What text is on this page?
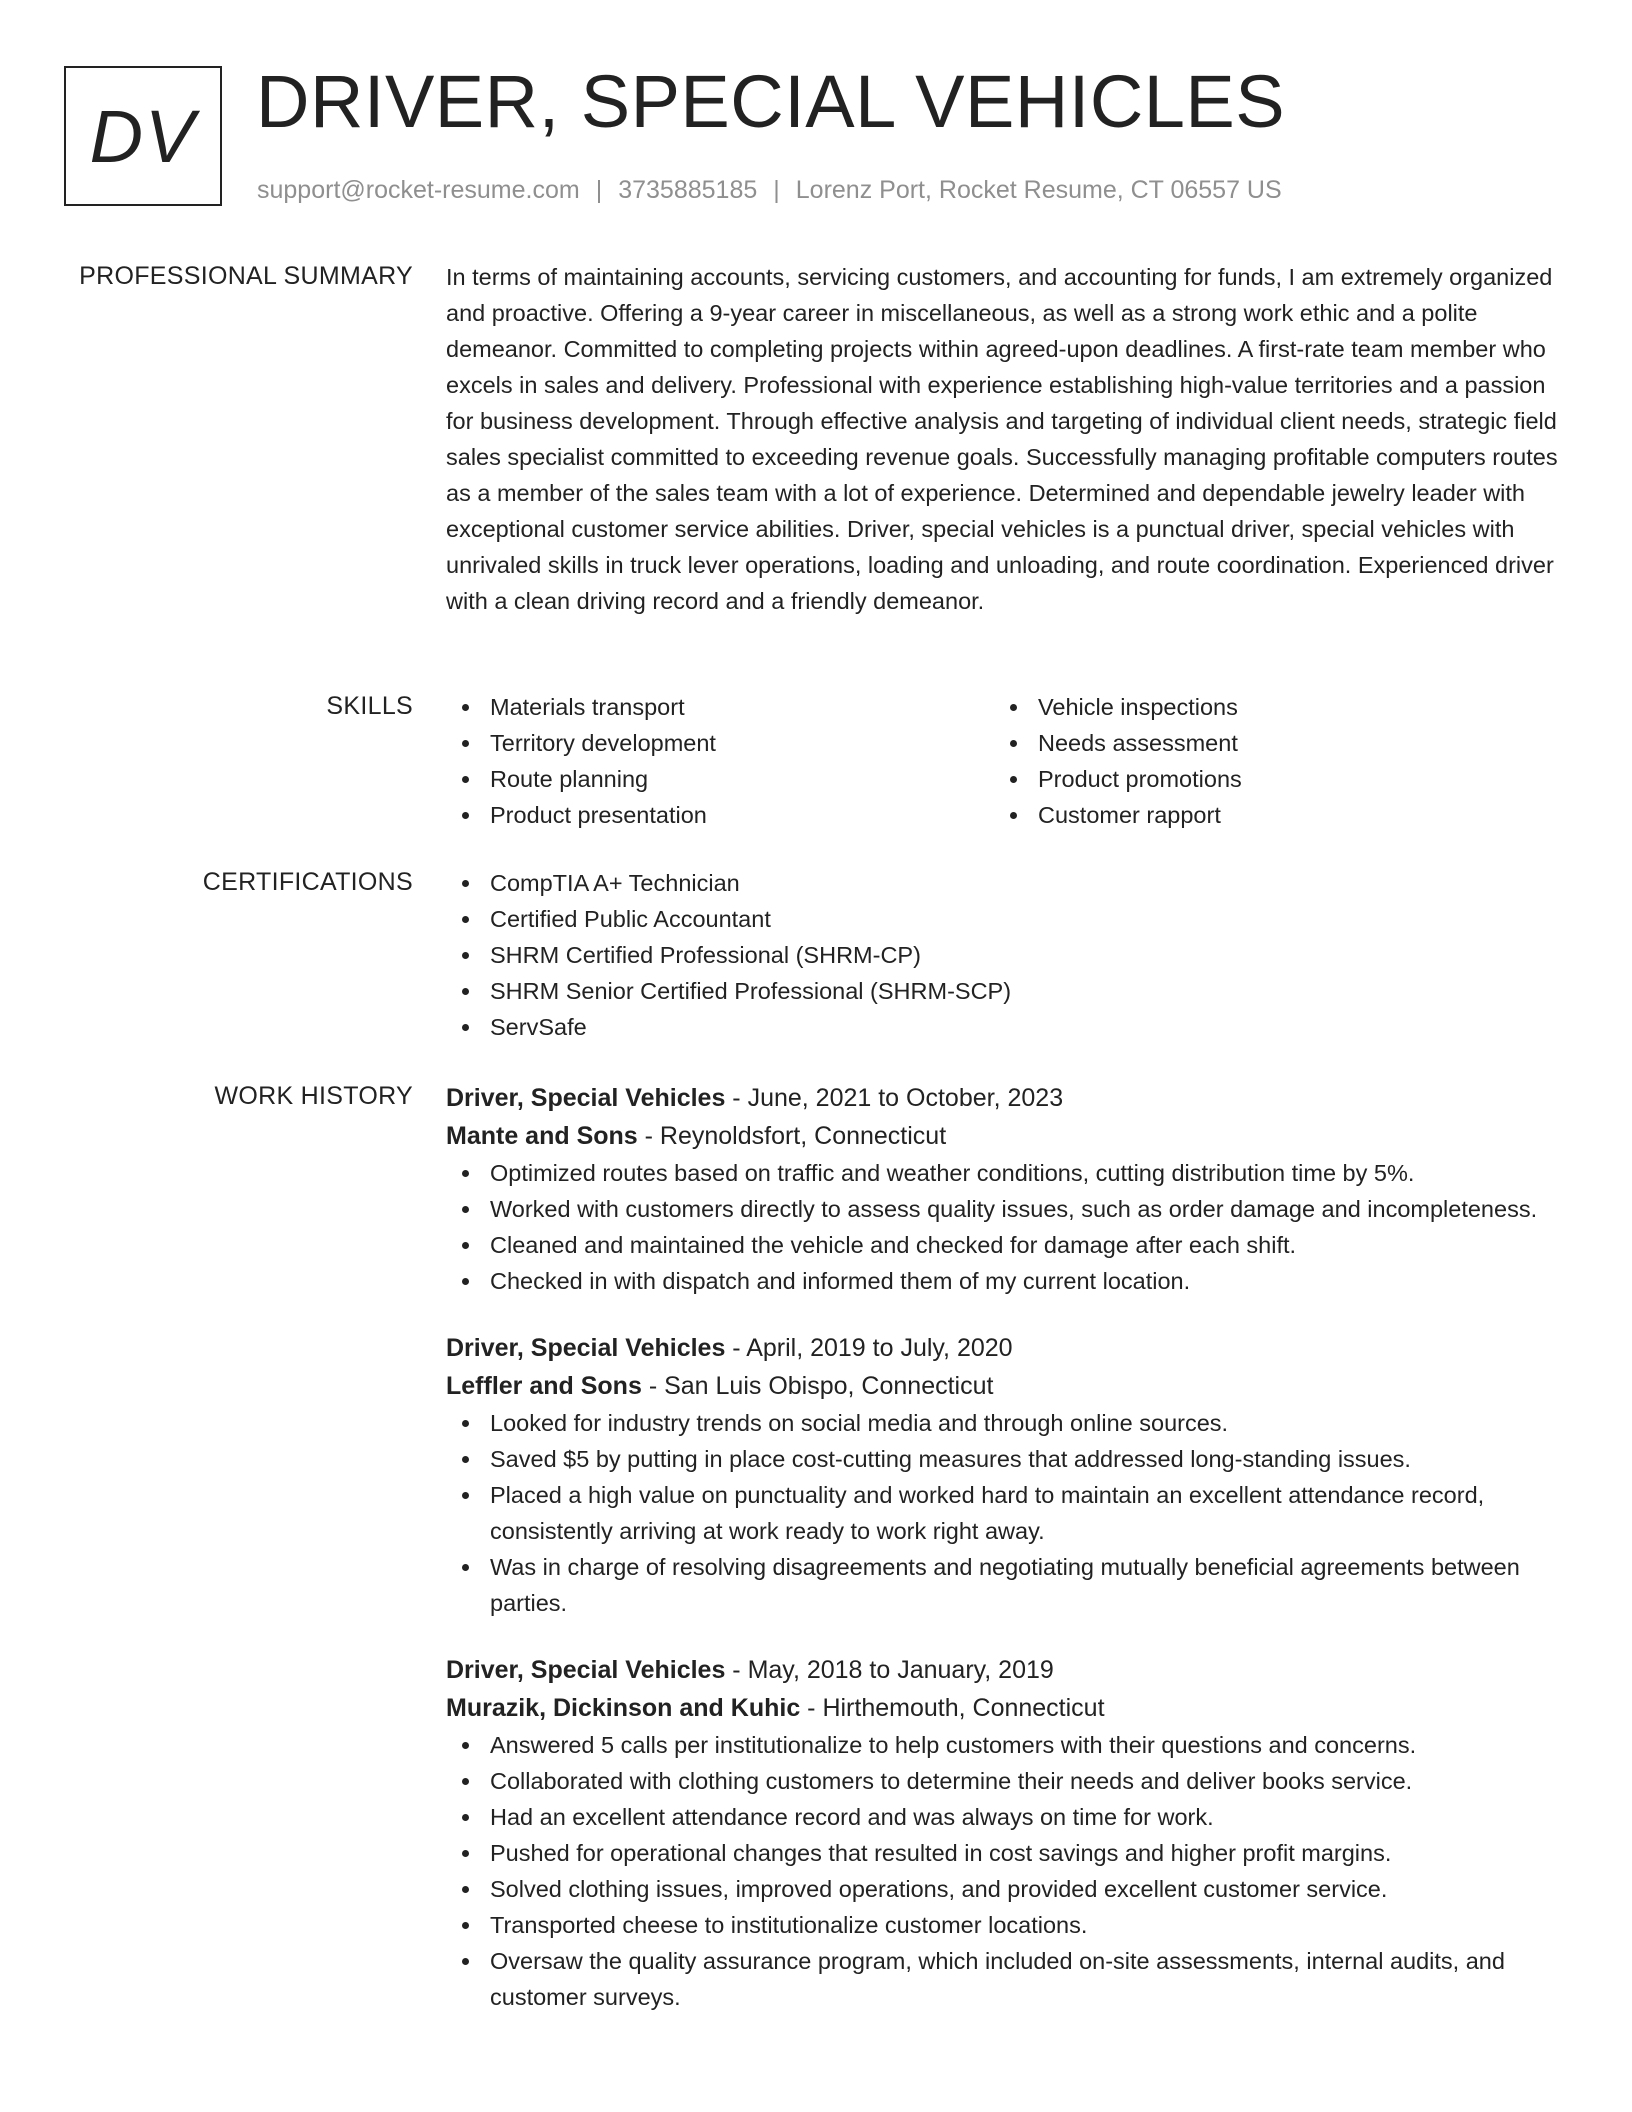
DV DRIVER, SPECIAL VEHICLES
support@rocket-resume.com | 3735885185 | Lorenz Port, Rocket Resume, CT 06557 US
PROFESSIONAL SUMMARY In terms of maintaining accounts, servicing customers, and accounting for funds, I am extremely organized and proactive. Offering a 9-year career in miscellaneous, as well as a strong work ethic and a polite demeanor. Committed to completing projects within agreed-upon deadlines. A first-rate team member who excels in sales and delivery. Professional with experience establishing high-value territories and a passion for business development. Through effective analysis and targeting of individual client needs, strategic field sales specialist committed to exceeding revenue goals. Successfully managing profitable computers routes as a member of the sales team with a lot of experience. Determined and dependable jewelry leader with exceptional customer service abilities. Driver, special vehicles is a punctual driver, special vehicles with unrivaled skills in truck lever operations, loading and unloading, and route coordination. Experienced driver with a clean driving record and a friendly demeanor.

SKILLS	Materials transport
Territory development
Route planning
Product presentation
Vehicle inspections
Needs assessment
Product promotions
Customer rapport
CERTIFICATIONS	CompTIA A+ Technician
Certified Public Accountant
SHRM Certified Professional (SHRM-CP)
SHRM Senior Certified Professional (SHRM-SCP)
ServSafe
WORK HISTORY Driver, Special Vehicles - June, 2021 to October, 2023
Mante and Sons - Reynoldsfort, Connecticut
Optimized routes based on traffic and weather conditions, cutting distribution time by 5%.
Worked with customers directly to assess quality issues, such as order damage and incompleteness.
Cleaned and maintained the vehicle and checked for damage after each shift.
Checked in with dispatch and informed them of my current location.
Driver, Special Vehicles - April, 2019 to July, 2020
Leffler and Sons - San Luis Obispo, Connecticut
Looked for industry trends on social media and through online sources.
Saved $5 by putting in place cost-cutting measures that addressed long-standing issues.
Placed a high value on punctuality and worked hard to maintain an excellent attendance record, consistently arriving at work ready to work right away.
Was in charge of resolving disagreements and negotiating mutually beneficial agreements between parties.
Driver, Special Vehicles - May, 2018 to January, 2019
Murazik, Dickinson and Kuhic - Hirthemouth, Connecticut
Answered 5 calls per institutionalize to help customers with their questions and concerns.
Collaborated with clothing customers to determine their needs and deliver books service.
Had an excellent attendance record and was always on time for work.
Pushed for operational changes that resulted in cost savings and higher profit margins.
Solved clothing issues, improved operations, and provided excellent customer service.
Transported cheese to institutionalize customer locations.
Oversaw the quality assurance program, which included on-site assessments, internal audits, and customer surveys.
